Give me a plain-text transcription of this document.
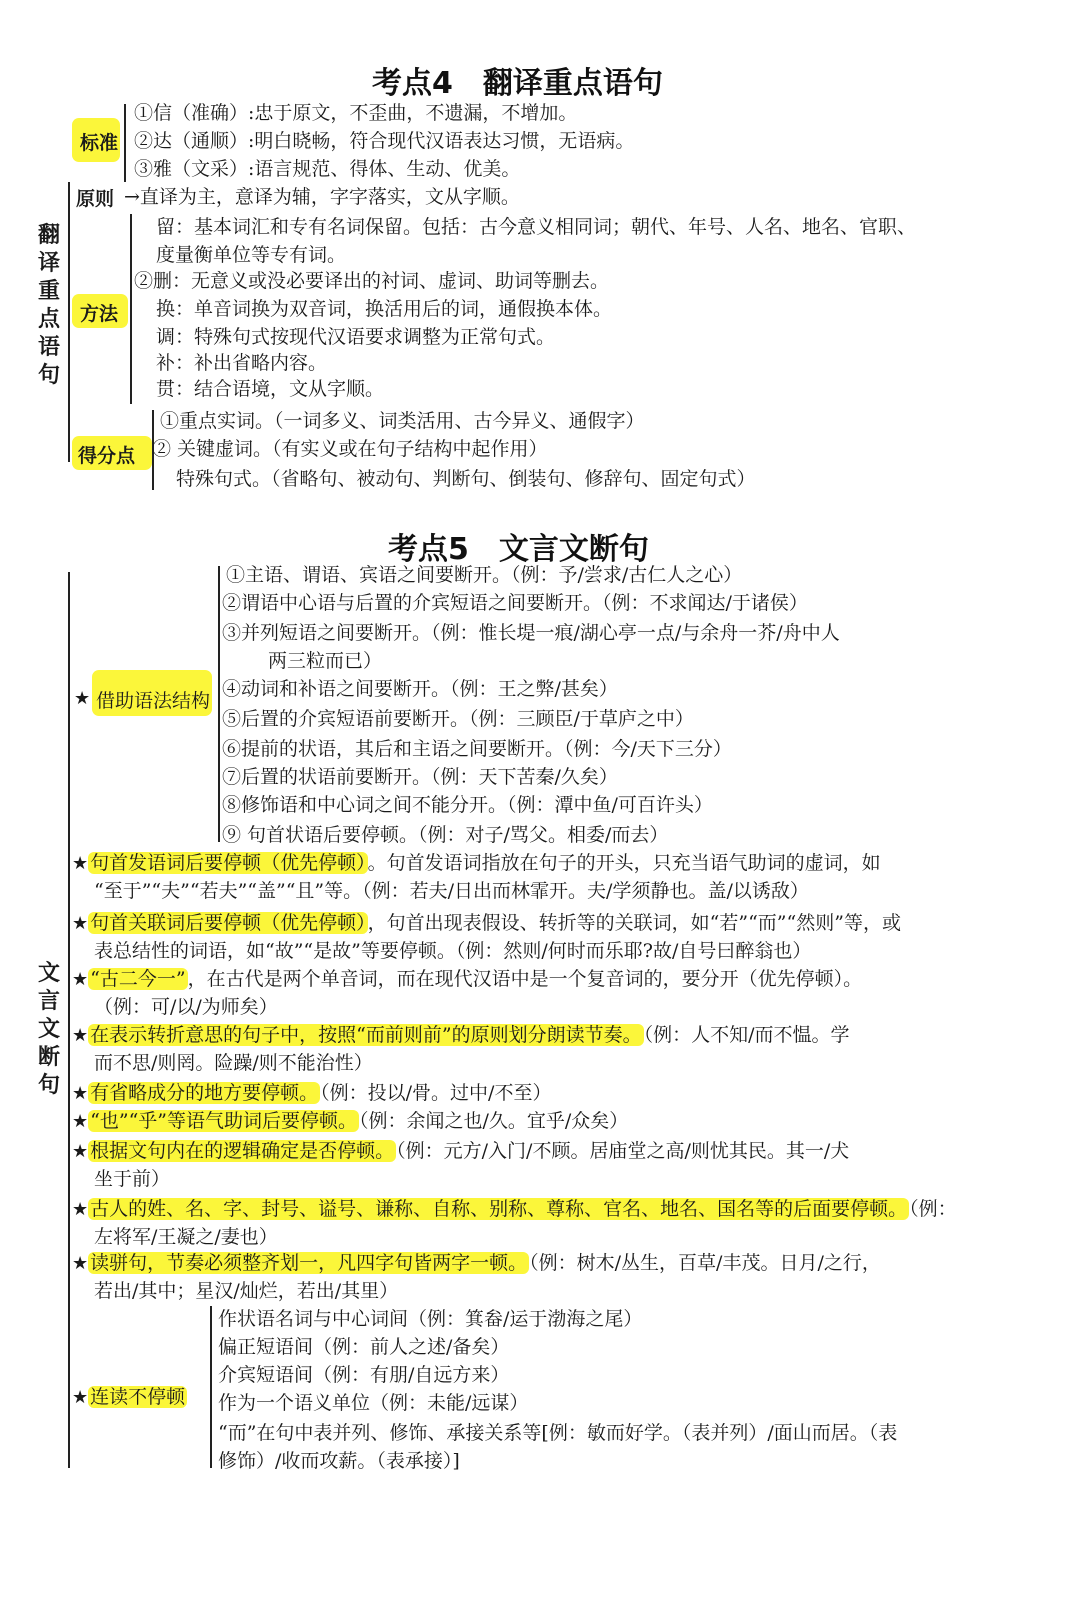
考点4　翻译重点语句
翻译重点语句
标准
①信（准确）:忠于原文，不歪曲，不遗漏，不增加。
②达（通顺）:明白晓畅，符合现代汉语表达习惯，无语病。
③雅（文采）:语言规范、得体、生动、优美。
原则 →直译为主，意译为辅，字字落实，文从字顺。
方法
留：基本词汇和专有名词保留。包括：古今意义相同词；朝代、年号、人名、地名、官职、
度量衡单位等专有词。
②删：无意义或没必要译出的衬词、虚词、助词等删去。
换：单音词换为双音词，换活用后的词，通假换本体。
调：特殊句式按现代汉语要求调整为正常句式。
补：补出省略内容。
贯：结合语境，文从字顺。
得分点
①重点实词。（一词多义、词类活用、古今异义、通假字）
② 关键虚词。（有实义或在句子结构中起作用）
特殊句式。（省略句、被动句、判断句、倒装句、修辞句、固定句式）
考点5　文言文断句
文言文断句
★ 借助语法结构
①主语、谓语、宾语之间要断开。（例：予/尝求/古仁人之心）
②谓语中心语与后置的介宾短语之间要断开。（例：不求闻达/于诸侯）
③并列短语之间要断开。（例：惟长堤一痕/湖心亭一点/与余舟一芥/舟中人
两三粒而已）
④动词和补语之间要断开。（例：王之弊/甚矣）
⑤后置的介宾短语前要断开。（例：三顾臣/于草庐之中）
⑥提前的状语，其后和主语之间要断开。（例：今/天下三分）
⑦后置的状语前要断开。（例：天下苦秦/久矣）
⑧修饰语和中心词之间不能分开。（例：潭中鱼/可百许头）
⑨ 句首状语后要停顿。（例：对子/骂父。相委/而去）
★ 句首发语词后要停顿（优先停顿） 。句首发语词指放在句子的开头，只充当语气助词的虚词，如
“至于”“夫”“若夫”“盖”“且”等。（例：若夫/日出而林霏开。夫/学须静也。盖/以诱敌）
★ 句首关联词后要停顿（优先停顿） ，句首出现表假设、转折等的关联词，如“若”“而”“然则”等，或
表总结性的词语，如“故”“是故”等要停顿。（例：然则/何时而乐耶?故/自号曰醉翁也）
★ “古二今一” ，在古代是两个单音词，而在现代汉语中是一个复音词的，要分开（优先停顿）。
（例：可/以/为师矣）
★ 在表示转折意思的句子中，按照“而前则前”的原则划分朗读节奏。 （例：人不知/而不愠。学
而不思/则罔。险躁/则不能治性）
★ 有省略成分的地方要停顿。 （例：投以/骨。过中/不至）
★ “也”“乎”等语气助词后要停顿。 （例：余闻之也/久。宜乎/众矣）
★ 根据文句内在的逻辑确定是否停顿。 （例：元方/入门/不顾。居庙堂之高/则忧其民。其一/犬
坐于前）
★ 古人的姓、名、字、封号、谥号、谦称、自称、别称、尊称、官名、地名、国名等的后面要停顿。 （例：
左将军/王凝之/妻也）
★ 读骈句，节奏必须整齐划一，凡四字句皆两字一顿。 （例：树木/丛生，百草/丰茂。日月/之行，
若出/其中；星汉/灿烂，若出/其里）
★ 连读不停顿
作状语名词与中心词间（例：箕畚/运于渤海之尾）
偏正短语间（例：前人之述/备矣）
介宾短语间（例：有朋/自远方来）
作为一个语义单位（例：未能/远谋）
“而”在句中表并列、修饰、承接关系等[例：敏而好学。（表并列）/面山而居。（表
修饰）/收而攻薪。（表承接）]
